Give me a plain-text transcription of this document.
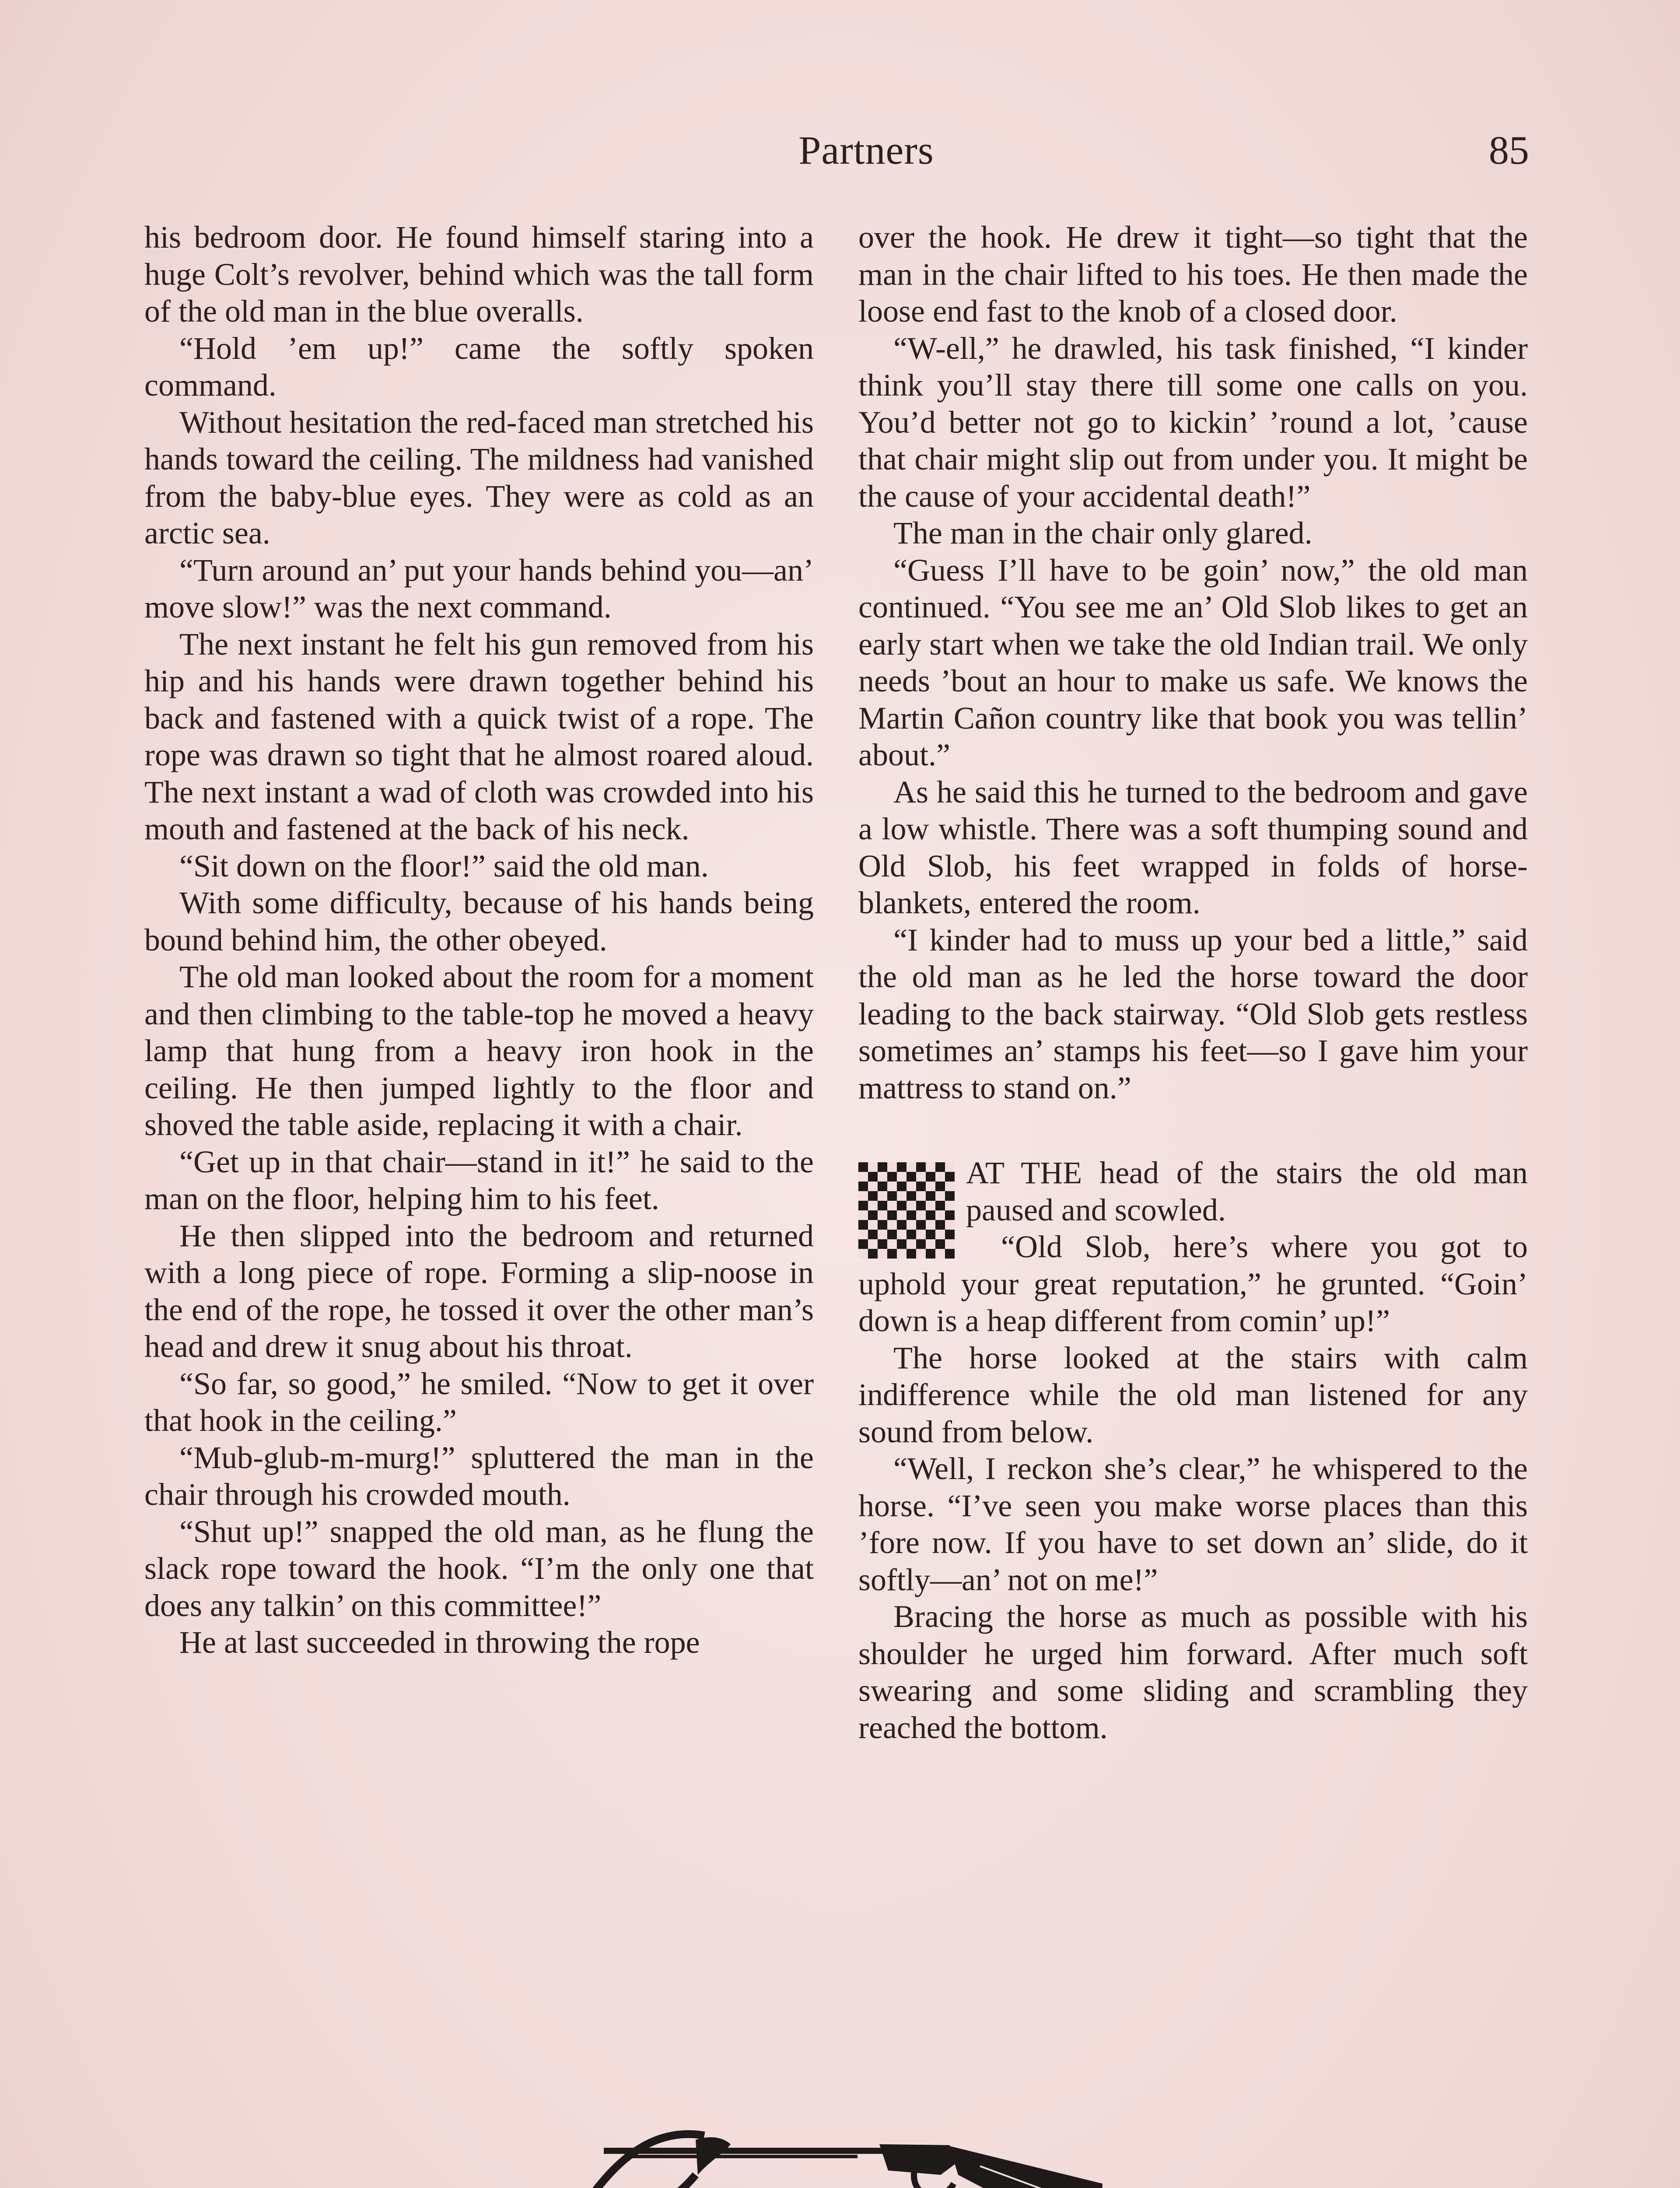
Partners	85

his bedroom door. He found himself staring into a huge Colt’s revolver, behind which was the tall form of the old man in the blue overalls.

“Hold ’em up!” came the softly spoken command.

Without hesitation the red-faced man stretched his hands toward the ceiling. The mildness had vanished from the baby-blue eyes. They were as cold as an arctic sea.

“Turn around an’ put your hands behind you—an’ move slow!” was the next command.

The next instant he felt his gun removed from his hip and his hands were drawn together behind his back and fastened with a quick twist of a rope. The rope was drawn so tight that he almost roared aloud. The next instant a wad of cloth was crowded into his mouth and fastened at the back of his neck.

“Sit down on the floor!” said the old man.

With some difficulty, because of his hands being bound behind him, the other obeyed.

The old man looked about the room for a moment and then climbing to the table-top he moved a heavy lamp that hung from a heavy iron hook in the ceiling. He then jumped lightly to the floor and shoved the table aside, replacing it with a chair.

“Get up in that chair—stand in it!” he said to the man on the floor, helping him to his feet.

He then slipped into the bedroom and returned with a long piece of rope. Forming a slip-noose in the end of the rope, he tossed it over the other man’s head and drew it snug about his throat.

“So far, so good,” he smiled. “Now to get it over that hook in the ceiling.”

“Mub-glub-m-murg!” spluttered the man in the chair through his crowded mouth.

“Shut up!” snapped the old man, as he flung the slack rope toward the hook. “I’m the only one that does any talkin’ on this committee!”

He at last succeeded in throwing the rope

over the hook. He drew it tight—so tight that the man in the chair lifted to his toes. He then made the loose end fast to the knob of a closed door.

“W-ell,” he drawled, his task finished, “I kinder think you’ll stay there till some one calls on you. You’d better not go to kickin’ ’round a lot, ’cause that chair might slip out from under you. It might be the cause of your accidental death!”

The man in the chair only glared.

“Guess I’ll have to be goin’ now,” the old man continued. “You see me an’ Old Slob likes to get an early start when we take the old Indian trail. We only needs ’bout an hour to make us safe. We knows the Martin Cañon country like that book you was tellin’ about.”

As he said this he turned to the bedroom and gave a low whistle. There was a soft thumping sound and Old Slob, his feet wrapped in folds of horse-blankets, entered the room.

“I kinder had to muss up your bed a little,” said the old man as he led the horse toward the door leading to the back stairway. “Old Slob gets restless sometimes an’ stamps his feet—so I gave him your mattress to stand on.”

AT THE head of the stairs the old man paused and scowled.

“Old Slob, here’s where you got to uphold your great reputation,” he grunted. “Goin’ down is a heap different from comin’ up!”

The horse looked at the stairs with calm indifference while the old man listened for any sound from below.

“Well, I reckon she’s clear,” he whispered to the horse. “I’ve seen you make worse places than this ’fore now. If you have to set down an’ slide, do it softly—an’ not on me!”

Bracing the horse as much as possible with his shoulder he urged him forward. After much soft swearing and some sliding and scrambling they reached the bottom.
